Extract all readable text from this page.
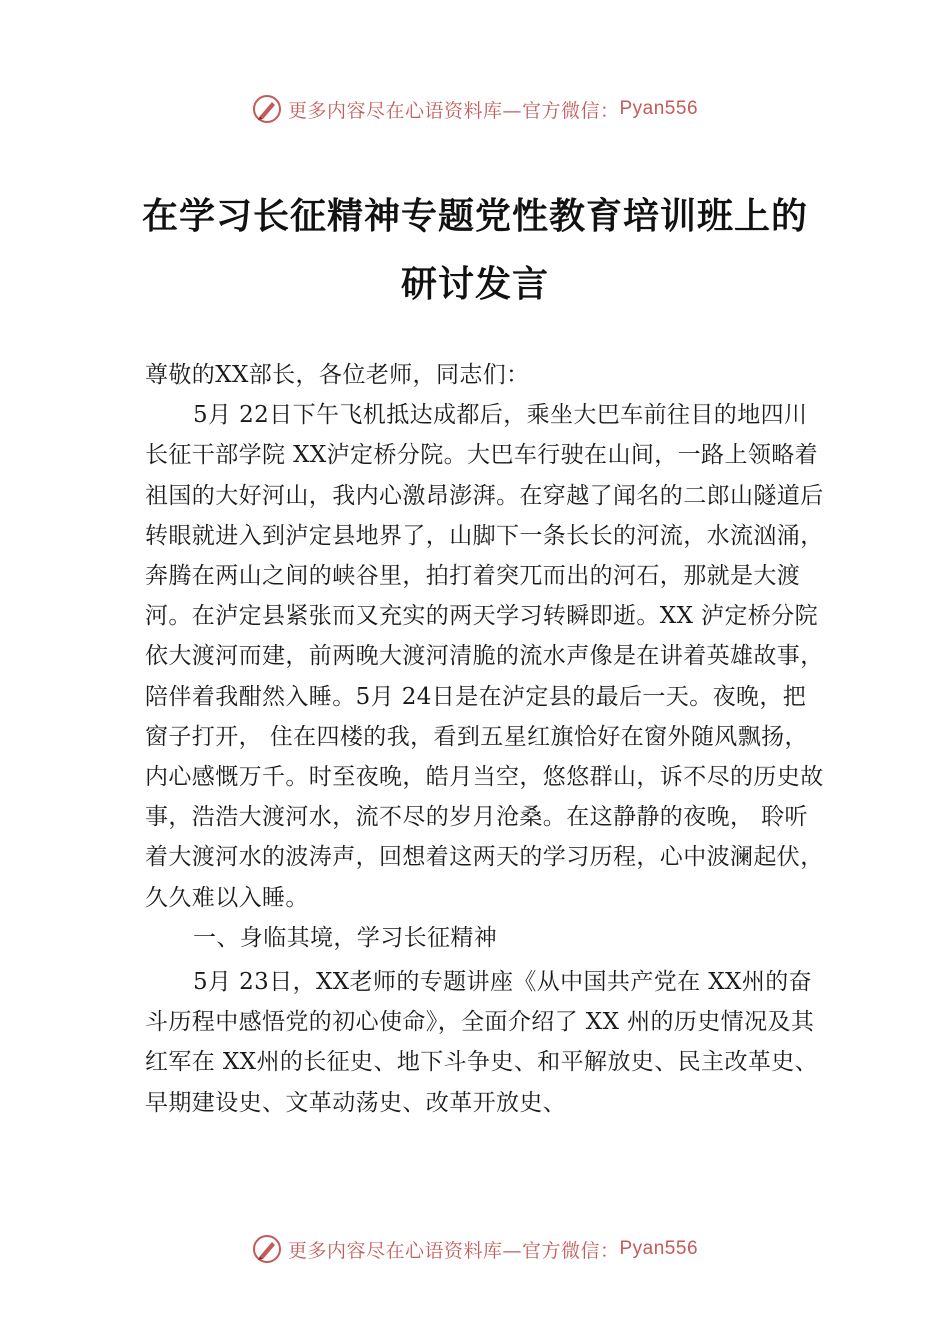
更多内容尽在心语资料库—官方微信： Pyan556
在学习长征精神专题党性教育培训班上的
研讨发言

尊敬的XX部长，各位老师，同志们：

5月 22日下午飞机抵达成都后，乘坐大巴车前往目的地四川长征干部学院 XX泸定桥分院。大巴车行驶在山间，一路上领略着祖国的大好河山，我内心激昂澎湃。在穿越了闻名的二郎山隧道后转眼就进入到泸定县地界了，山脚下一条长长的河流，水流汹涌，奔腾在两山之间的峡谷里，拍打着突兀而出的河石，那就是大渡河。在泸定县紧张而又充实的两天学习转瞬即逝。XX 泸定桥分院依大渡河而建，前两晚大渡河清脆的流水声像是在讲着英雄故事，陪伴着我酣然入睡。5月 24日是在泸定县的最后一天。夜晚，把窗子打开， 住在四楼的我，看到五星红旗恰好在窗外随风飘扬，内心感慨万千。时至夜晚，皓月当空，悠悠群山，诉不尽的历史故事，浩浩大渡河水，流不尽的岁月沧桑。在这静静的夜晚， 聆听着大渡河水的波涛声，回想着这两天的学习历程，心中波澜起伏，久久难以入睡。

一、身临其境，学习长征精神

5月 23日，XX老师的专题讲座《从中国共产党在 XX州的奋斗历程中感悟党的初心使命》，全面介绍了 XX 州的历史情况及其红军在 XX州的长征史、地下斗争史、和平解放史、民主改革史、早期建设史、文革动荡史、改革开放史、

更多内容尽在心语资料库—官方微信： Pyan556
